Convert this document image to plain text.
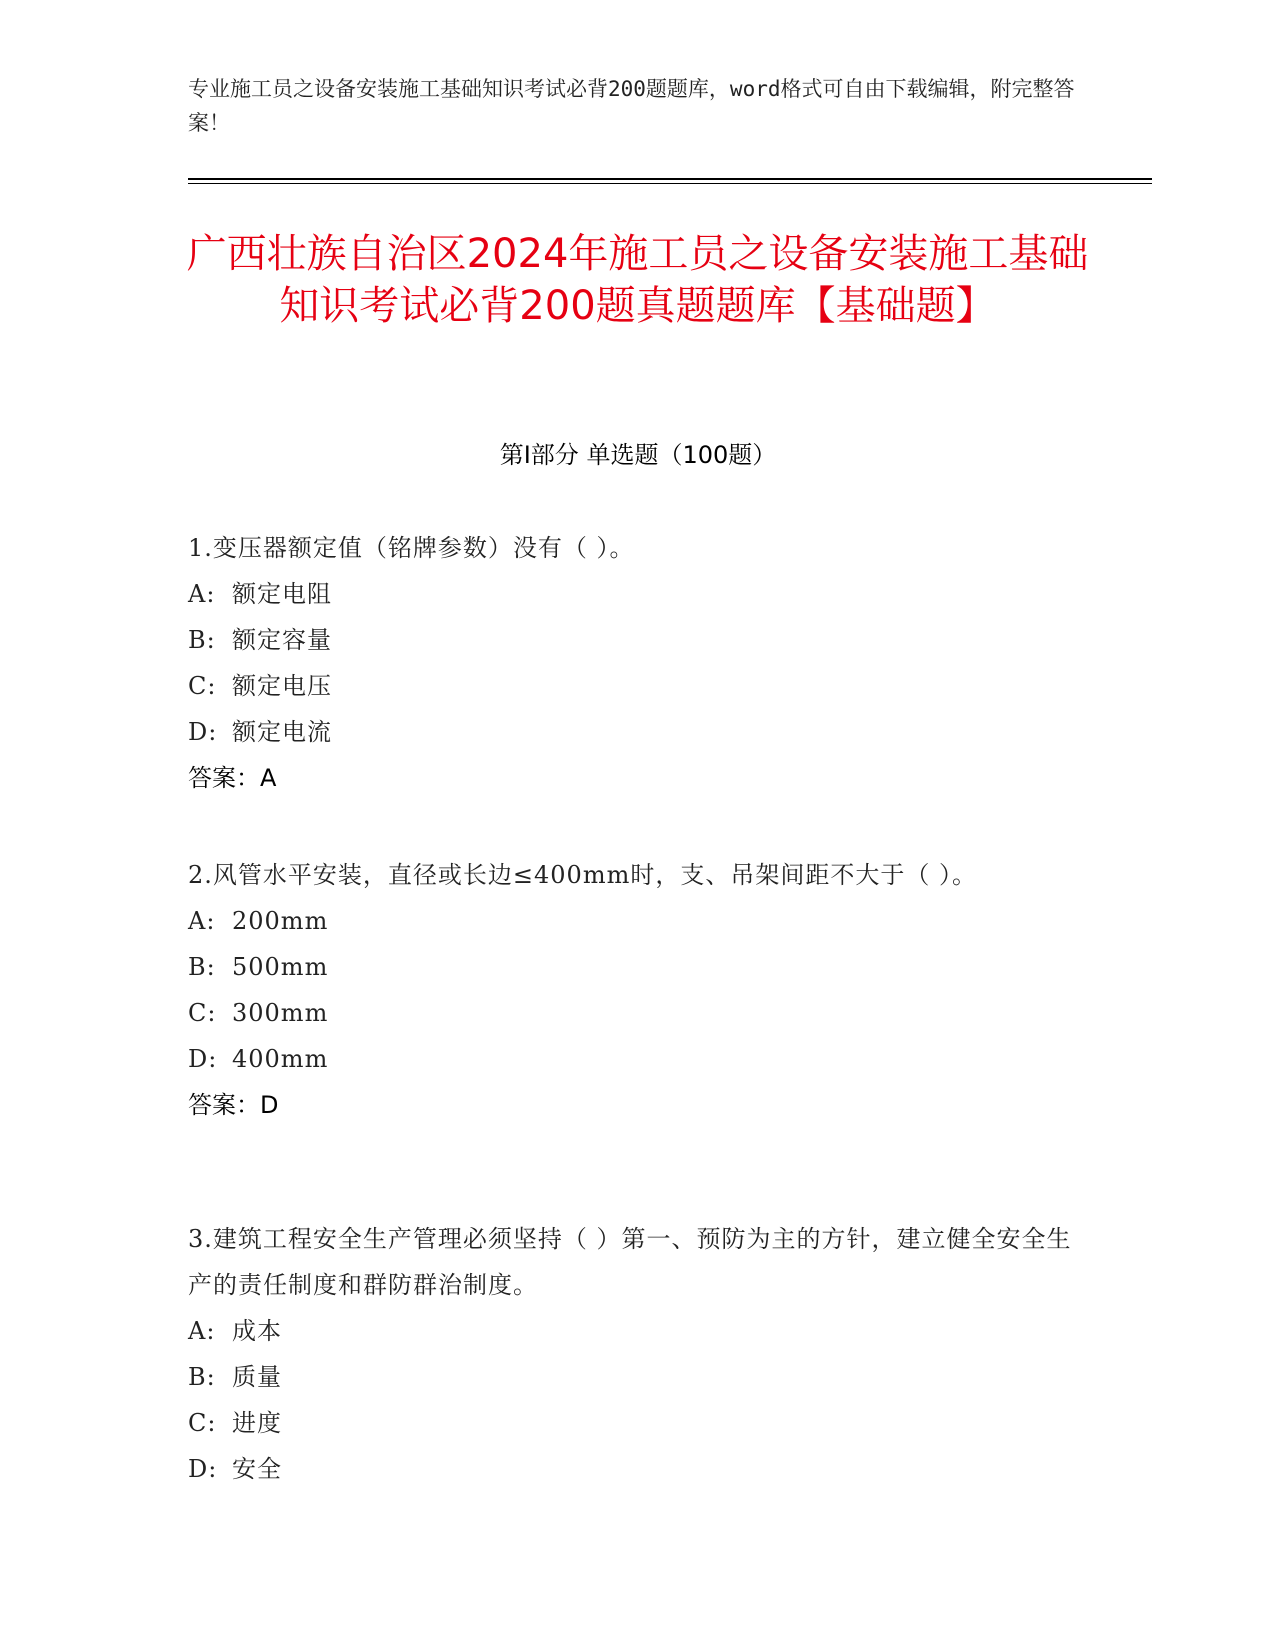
专业施工员之设备安装施工基础知识考试必背200题题库，word格式可自由下载编辑，附完整答案！
广西壮族自治区2024年施工员之设备安装施工基础知识考试必背200题真题题库【基础题】
第I部分 单选题（100题）
1.变压器额定值（铭牌参数）没有（ ）。
A: 额定电阻
B: 额定容量
C: 额定电压
D: 额定电流
答案：A
2.风管水平安装，直径或长边≤400mm时，支、吊架间距不大于（ ）。
A: 200mm
B: 500mm
C: 300mm
D: 400mm
答案：D
3.建筑工程安全生产管理必须坚持（ ）第一、预防为主的方针，建立健全安全生产的责任制度和群防群治制度。
A: 成本
B: 质量
C: 进度
D: 安全
